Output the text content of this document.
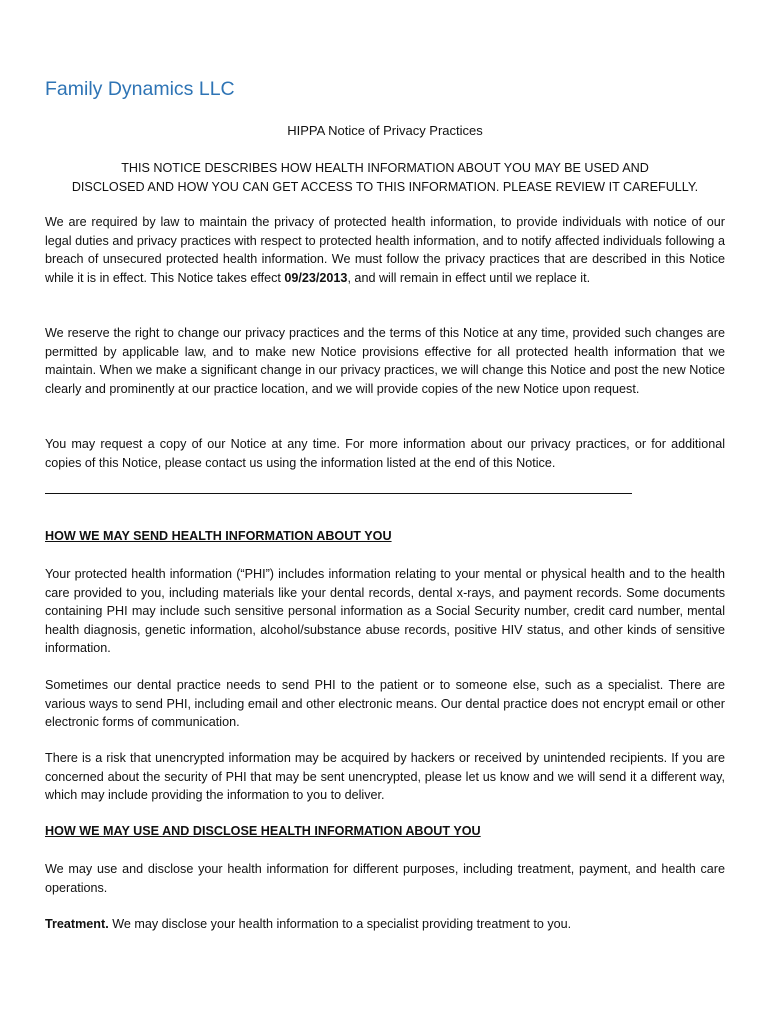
Family Dynamics LLC
HIPPA Notice of Privacy Practices
THIS NOTICE DESCRIBES HOW HEALTH INFORMATION ABOUT YOU MAY BE USED AND
DISCLOSED AND HOW YOU CAN GET ACCESS TO THIS INFORMATION. PLEASE REVIEW IT CAREFULLY.

We are required by law to maintain the privacy of protected health information, to provide individuals with notice of our legal duties and privacy practices with respect to protected health information, and to notify affected individuals following a breach of unsecured protected health information. We must follow the privacy practices that are described in this Notice while it is in effect. This Notice takes effect 09/23/2013, and will remain in effect until we replace it.

We reserve the right to change our privacy practices and the terms of this Notice at any time, provided such changes are permitted by applicable law, and to make new Notice provisions effective for all protected health information that we maintain. When we make a significant change in our privacy practices, we will change this Notice and post the new Notice clearly and prominently at our practice location, and we will provide copies of the new Notice upon request.

You may request a copy of our Notice at any time. For more information about our privacy practices, or for additional copies of this Notice, please contact us using the information listed at the end of this Notice.

HOW WE MAY SEND HEALTH INFORMATION ABOUT YOU

Your protected health information (“PHI”) includes information relating to your mental or physical health and to the health care provided to you, including materials like your dental records, dental x-rays, and payment records. Some documents containing PHI may include such sensitive personal information as a Social Security number, credit card number, mental health diagnosis, genetic information, alcohol/substance abuse records, positive HIV status, and other kinds of sensitive information.

Sometimes our dental practice needs to send PHI to the patient or to someone else, such as a specialist. There are various ways to send PHI, including email and other electronic means. Our dental practice does not encrypt email or other electronic forms of communication.

There is a risk that unencrypted information may be acquired by hackers or received by unintended recipients. If you are concerned about the security of PHI that may be sent unencrypted, please let us know and we will send it a different way, which may include providing the information to you to deliver.

HOW WE MAY USE AND DISCLOSE HEALTH INFORMATION ABOUT YOU

We may use and disclose your health information for different purposes, including treatment, payment, and health care operations.

Treatment. We may disclose your health information to a specialist providing treatment to you.
